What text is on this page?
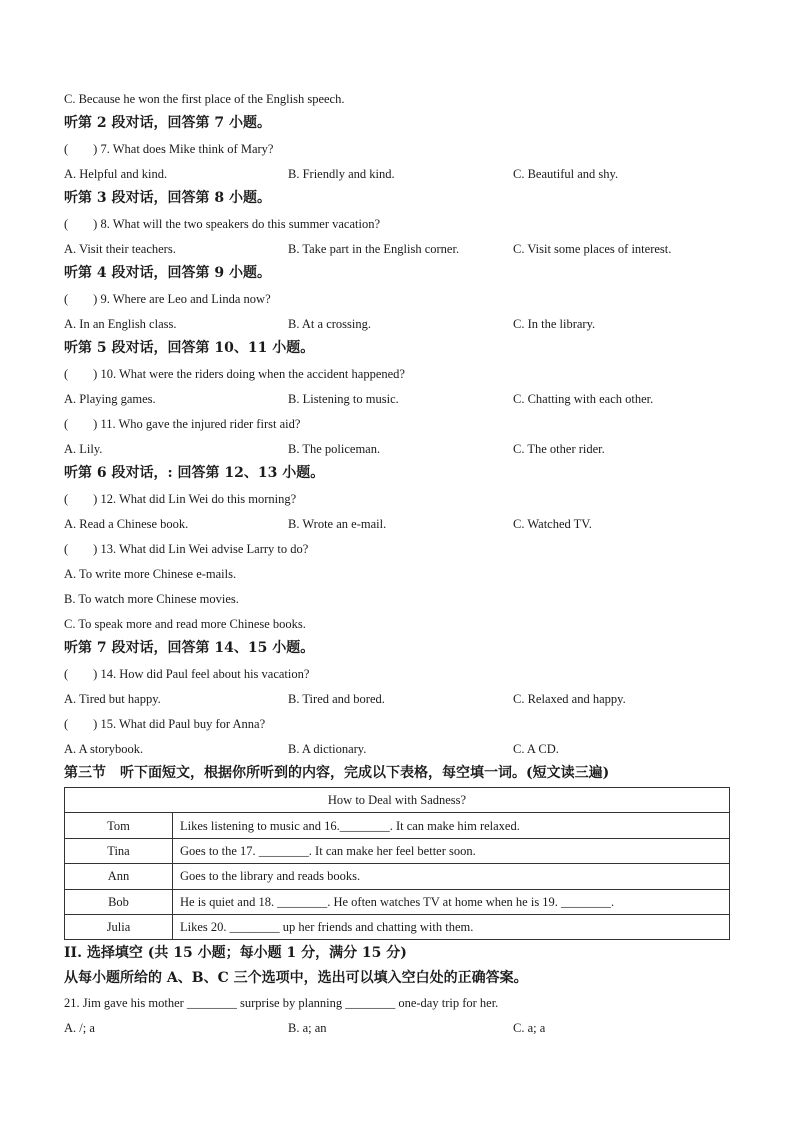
C. Because he won the first place of the English speech.
听第 2 段对话，回答第 7 小题。
(　　) 7. What does Mike think of Mary?
A. Helpful and kind.	B. Friendly and kind.	C. Beautiful and shy.
听第 3 段对话，回答第 8 小题。
(　　) 8. What will the two speakers do this summer vacation?
A. Visit their teachers.	B. Take part in the English corner.	C. Visit some places of interest.
听第 4 段对话，回答第 9 小题。
(　　) 9. Where are Leo and Linda now?
A. In an English class.	B. At a crossing.	C. In the library.
听第 5 段对话，回答第 10、11 小题。
(　　) 10. What were the riders doing when the accident happened?
A. Playing games.	B. Listening to music.	C. Chatting with each other.
(　　) 11. Who gave the injured rider first aid?
A. Lily.	B. The policeman.	C. The other rider.
听第 6 段对话，: 回答第 12、13 小题。
(　　) 12. What did Lin Wei do this morning?
A. Read a Chinese book.	B. Wrote an e-mail.	C. Watched TV.
(　　) 13. What did Lin Wei advise Larry to do?
A. To write more Chinese e-mails.
B. To watch more Chinese movies.
C. To speak more and read more Chinese books.
听第 7 段对话，回答第 14、15 小题。
(　　) 14. How did Paul feel about his vacation?
A. Tired but happy.	B. Tired and bored.	C. Relaxed and happy.
(　　) 15. What did Paul buy for Anna?
A. A storybook.	B. A dictionary.	C. A CD.
第三节　听下面短文，根据你所听到的内容，完成以下表格，每空填一词。(短文读三遍)
How to Deal with Sadness?	
Tom	Likes listening to music and 16.________. It can make him relaxed.
Tina	Goes to the 17. ________. It can make her feel better soon.
Ann	Goes to the library and reads books.
Bob	He is quiet and 18. ________. He often watches TV at home when he is 19. ________.
Julia	Likes 20. ________ up her friends and chatting with them.
II. 选择填空 (共 15 小题；每小题 1 分，满分 15 分)
从每小题所给的 A、B、C 三个选项中，选出可以填入空白处的正确答案。
21. Jim gave his mother ________ surprise by planning ________ one-day trip for her.
A. /; a	B. a; an	C. a; a
